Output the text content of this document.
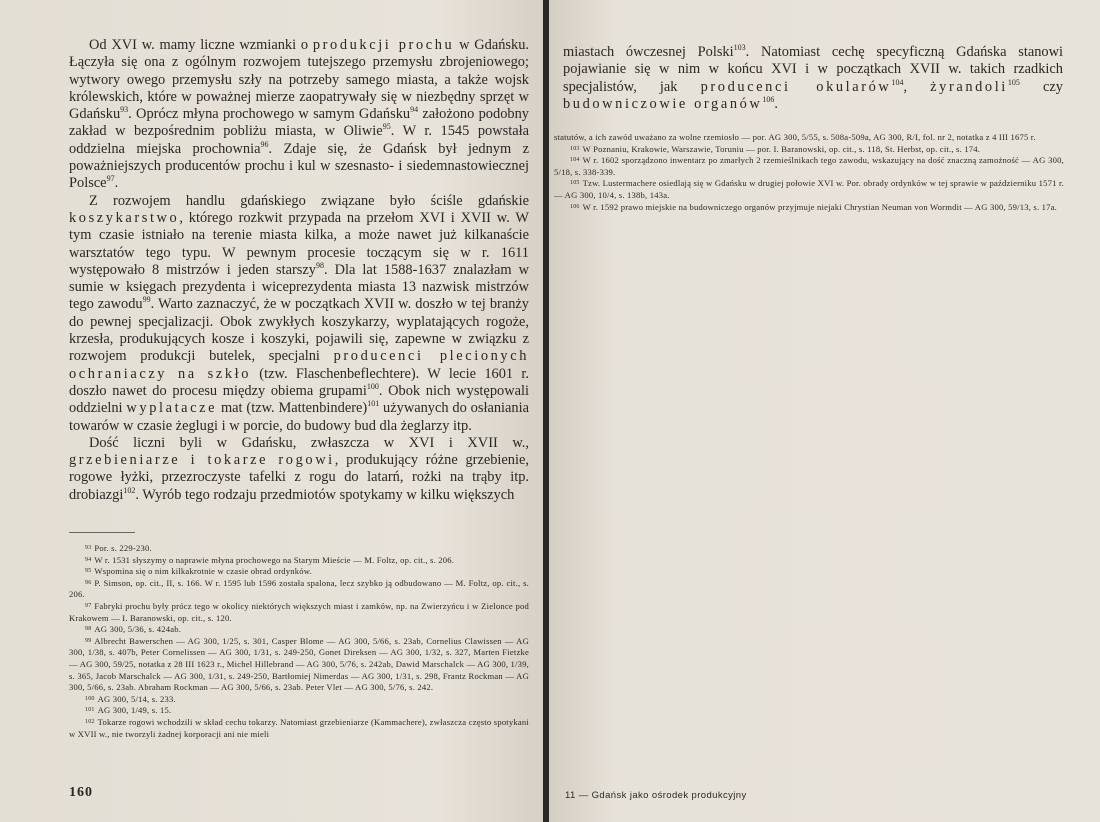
Od XVI w. mamy liczne wzmianki o produkcji prochu w Gdańsku. Łączyła się ona z ogólnym rozwojem tutejszego przemysłu zbrojeniowego; wytwory owego przemysłu szły na potrzeby samego miasta, a także wojsk królewskich, które w poważnej mierze zaopatrywały się w niezbędny sprzęt w Gdańsku$^{93}$. Oprócz młyna prochowego w samym Gdańsku$^{94}$ założono podobny zakład w bezpośrednim pobliżu miasta, w Oliwie$^{95}$. W r. 1545 powstała oddzielna miejska prochownia$^{96}$. Zdaje się, że Gdańsk był jednym z poważniejszych producentów prochu i kul w szesnasto- i siedemnastowiecznej Polsce$^{97}$.

Z rozwojem handlu gdańskiego związane było ściśle gdańskie koszykarstwo, którego rozkwit przypada na przełom XVI i XVII w. W tym czasie istniało na terenie miasta kilka, a może nawet już kilkanaście warsztatów tego typu. W pewnym procesie toczącym się w r. 1611 występowało 8 mistrzów i jeden starszy$^{98}$. Dla lat 1588-1637 znalazłam w sumie w księgach prezydenta i wiceprezydenta miasta 13 nazwisk mistrzów tego zawodu$^{99}$. Warto zaznaczyć, że w początkach XVII w. doszło w tej branży do pewnej specjalizacji. Obok zwykłych koszykarzy, wyplatających rogoże, krzesła, produkujących kosze i koszyki, pojawili się, zapewne w związku z rozwojem produkcji butelek, specjalni producenci plecionych ochraniaczy na szkło (tzw. Flaschenbeflechtere). W lecie 1601 r. doszło nawet do procesu między obiema grupami$^{100}$. Obok nich występowali oddzielni wyplatacze mat (tzw. Mattenbindere)$^{101}$ używanych do osłaniania towarów w czasie żeglugi i w porcie, do budowy bud dla żeglarzy itp.

Dość liczni byli w Gdańsku, zwłaszcza w XVI i XVII w., grzebieniarze i tokarze rogowi, produkujący różne grzebienie, rogowe łyżki, przezroczyste tafelki z rogu do latarń, rożki na trąby itp. drobiazgi$^{102}$. Wyrób tego rodzaju przedmiotów spotykamy w kilku większych

$^{93}$ Por. s. 229-230.

$^{94}$ W r. 1531 słyszymy o naprawie młyna prochowego na Starym Mieście — M. Foltz, op. cit., s. 206.

$^{95}$ Wspomina się o nim kilkakrotnie w czasie obrad ordynków.

$^{96}$ P. Simson, op. cit., II, s. 166. W r. 1595 lub 1596 została spalona, lecz szybko ją odbudowano — M. Foltz, op. cit., s. 206.

$^{97}$ Fabryki prochu były prócz tego w okolicy niektórych większych miast i zamków, np. na Zwierzyńcu i w Zielonce pod Krakowem — I. Baranowski, op. cit., s. 120.

$^{98}$ AG 300, 5/36, s. 424ab.

$^{99}$ Albrecht Bawerschen — AG 300, 1/25, s. 301, Casper Blome — AG 300, 5/66, s. 23ab, Cornelius Clawissen — AG 300, 1/38, s. 407b, Peter Cornelissen — AG 300, 1/31, s. 249-250, Gonet Direksen — AG 300, 1/32, s. 327, Marten Fietzke — AG 300, 59/25, notatka z 28 III 1623 r., Michel Hillebrand — AG 300, 5/76, s. 242ab, Dawid Marschalck — AG 300, 1/39, s. 365, Jacob Marschalck — AG 300, 1/31, s. 249-250, Bartłomiej Nimerdas — AG 300, 1/31, s. 298, Frantz Rockman — AG 300, 5/66, s. 23ab. Abraham Rockman — AG 300, 5/66, s. 23ab. Peter Vlet — AG 300, 5/76, s. 242.

$^{100}$ AG 300, 5/14, s. 233.

$^{101}$ AG 300, 1/49, s. 15.

$^{102}$ Tokarze rogowi wchodzili w skład cechu tokarzy. Natomiast grzebieniarze (Kammachere), zwłaszcza często spotykani w XVII w., nie tworzyli żadnej korporacji ani nie mieli

160

miastach ówczesnej Polski$^{103}$. Natomiast cechę specyficzną Gdańska stanowi pojawianie się w nim w końcu XVI i w początkach XVII w. takich rzadkich specjalistów, jak producenci okularów$^{104}$, żyrandoli$^{105}$ czy budowniczowie organów$^{106}$.

statutów, a ich zawód uważano za wolne rzemiosło — por. AG 300, 5/55, s. 508a-509a, AG 300, R/I, fol. nr 2, notatka z 4 III 1675 r.

$^{103}$ W Poznaniu, Krakowie, Warszawie, Toruniu — por. I. Baranowski, op. cit., s. 118, St. Herbst, op. cit., s. 174.

$^{104}$ W r. 1602 sporządzono inwentarz po zmarłych 2 rzemieślnikach tego zawodu, wskazujący na dość znaczną zamożność — AG 300, 5/18, s. 338-339.

$^{105}$ Tzw. Lustermachere osiedlają się w Gdańsku w drugiej połowie XVI w. Por. obrady ordynków w tej sprawie w październiku 1571 r. — AG 300, 10/4, s. 138b, 143a.

$^{106}$ W r. 1592 prawo miejskie na budowniczego organów przyjmuje niejaki Chrystian Neuman von Wormdit — AG 300, 59/13, s. 17a.

11 — Gdańsk jako ośrodek produkcyjny
